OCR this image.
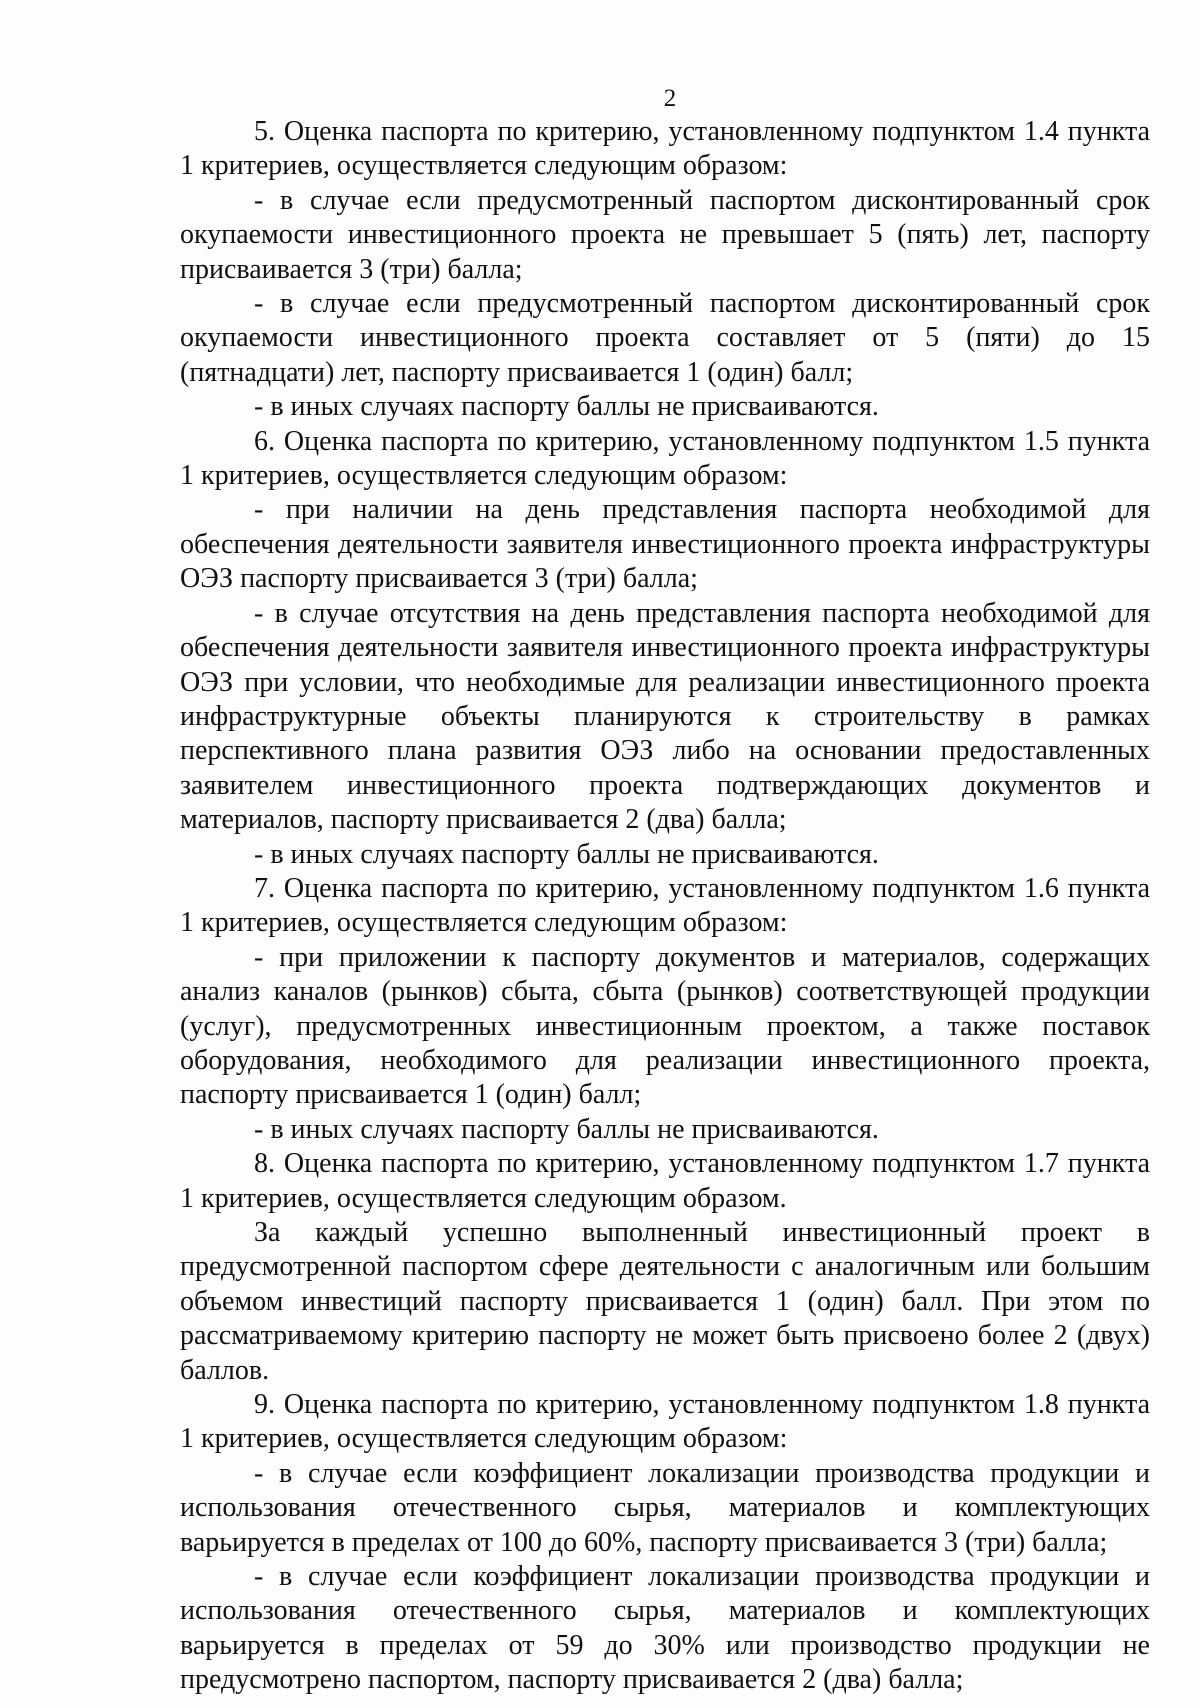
2

5. Оценка паспорта по критерию, установленному подпунктом 1.4 пункта 1 критериев, осуществляется следующим образом:

- в случае если предусмотренный паспортом дисконтированный срок окупаемости инвестиционного проекта не превышает 5 (пять) лет, паспорту присваивается 3 (три) балла;

- в случае если предусмотренный паспортом дисконтированный срок окупаемости инвестиционного проекта составляет от 5 (пяти) до 15 (пятнадцати) лет, паспорту присваивается 1 (один) балл;

- в иных случаях паспорту баллы не присваиваются.

6. Оценка паспорта по критерию, установленному подпунктом 1.5 пункта 1 критериев, осуществляется следующим образом:

- при наличии на день представления паспорта необходимой для обеспечения деятельности заявителя инвестиционного проекта инфраструктуры ОЭЗ паспорту присваивается 3 (три) балла;

- в случае отсутствия на день представления паспорта необходимой для обеспечения деятельности заявителя инвестиционного проекта инфраструктуры ОЭЗ при условии, что необходимые для реализации инвестиционного проекта инфраструктурные объекты планируются к строительству в рамках перспективного плана развития ОЭЗ либо на основании предоставленных заявителем инвестиционного проекта подтверждающих документов и материалов, паспорту присваивается 2 (два) балла;

- в иных случаях паспорту баллы не присваиваются.

7. Оценка паспорта по критерию, установленному подпунктом 1.6 пункта 1 критериев, осуществляется следующим образом:

- при приложении к паспорту документов и материалов, содержащих анализ каналов (рынков) сбыта, сбыта (рынков) соответствующей продукции (услуг), предусмотренных инвестиционным проектом, а также поставок оборудования, необходимого для реализации инвестиционного проекта, паспорту присваивается 1 (один) балл;

- в иных случаях паспорту баллы не присваиваются.

8. Оценка паспорта по критерию, установленному подпунктом 1.7 пункта 1 критериев, осуществляется следующим образом.

За каждый успешно выполненный инвестиционный проект в предусмотренной паспортом сфере деятельности с аналогичным или большим объемом инвестиций паспорту присваивается 1 (один) балл. При этом по рассматриваемому критерию паспорту не может быть присвоено более 2 (двух) баллов.

9. Оценка паспорта по критерию, установленному подпунктом 1.8 пункта 1 критериев, осуществляется следующим образом:

- в случае если коэффициент локализации производства продукции и использования отечественного сырья, материалов и комплектующих варьируется в пределах от 100 до 60%, паспорту присваивается 3 (три) балла;

- в случае если коэффициент локализации производства продукции и использования отечественного сырья, материалов и комплектующих варьируется в пределах от 59 до 30% или производство продукции не предусмотрено паспортом, паспорту присваивается 2 (два) балла;
